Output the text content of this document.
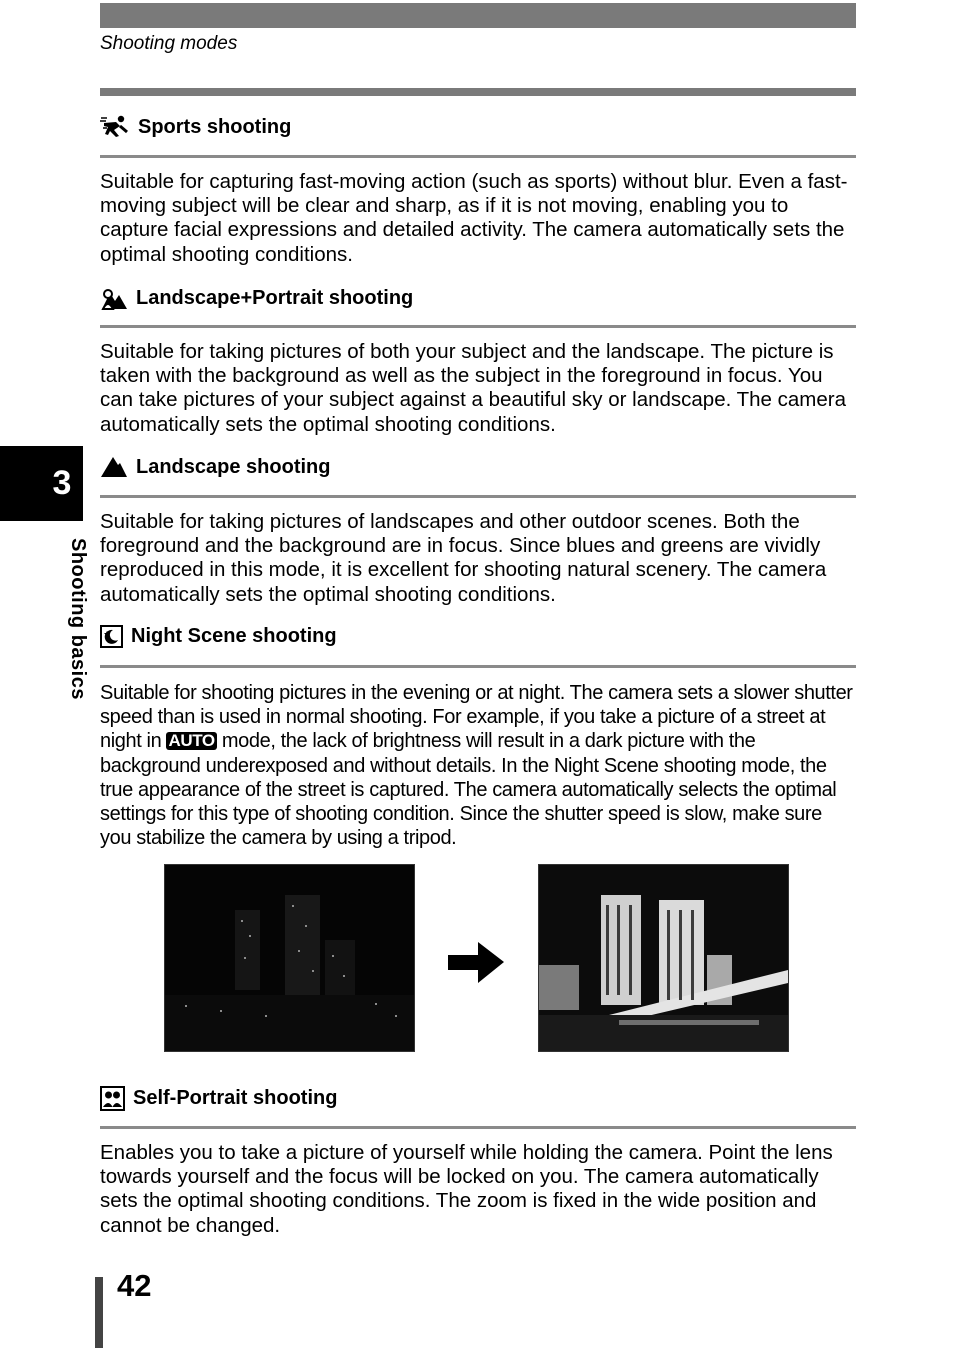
Shooting modes
3
Shooting basics
Sports shooting

Suitable for capturing fast-moving action (such as sports) without blur. Even a fast-moving subject will be clear and sharp, as if it is not moving, enabling you to capture facial expressions and detailed activity. The camera automatically sets the optimal shooting conditions.

Landscape+Portrait shooting

Suitable for taking pictures of both your subject and the landscape. The picture is taken with the background as well as the subject in the foreground in focus. You can take pictures of your subject against a beautiful sky or landscape. The camera automatically sets the optimal shooting conditions.

Landscape shooting

Suitable for taking pictures of landscapes and other outdoor scenes. Both the foreground and the background are in focus. Since blues and greens are vividly reproduced in this mode, it is excellent for shooting natural scenery. The camera automatically sets the optimal shooting conditions.

Night Scene shooting

Suitable for shooting pictures in the evening or at night. The camera sets a slower shutter speed than is used in normal shooting. For example, if you take a picture of a street at night in AUTO mode, the lack of brightness will result in a dark picture with the background underexposed and without details. In the Night Scene shooting mode, the true appearance of the street is captured. The camera automatically selects the optimal settings for this type of shooting condition. Since the shutter speed is slow, make sure you stabilize the camera by using a tripod.

Self-Portrait shooting

Enables you to take a picture of yourself while holding the camera. Point the lens towards yourself and the focus will be locked on you. The camera automatically sets the optimal shooting conditions. The zoom is fixed in the wide position and cannot be changed.

42
